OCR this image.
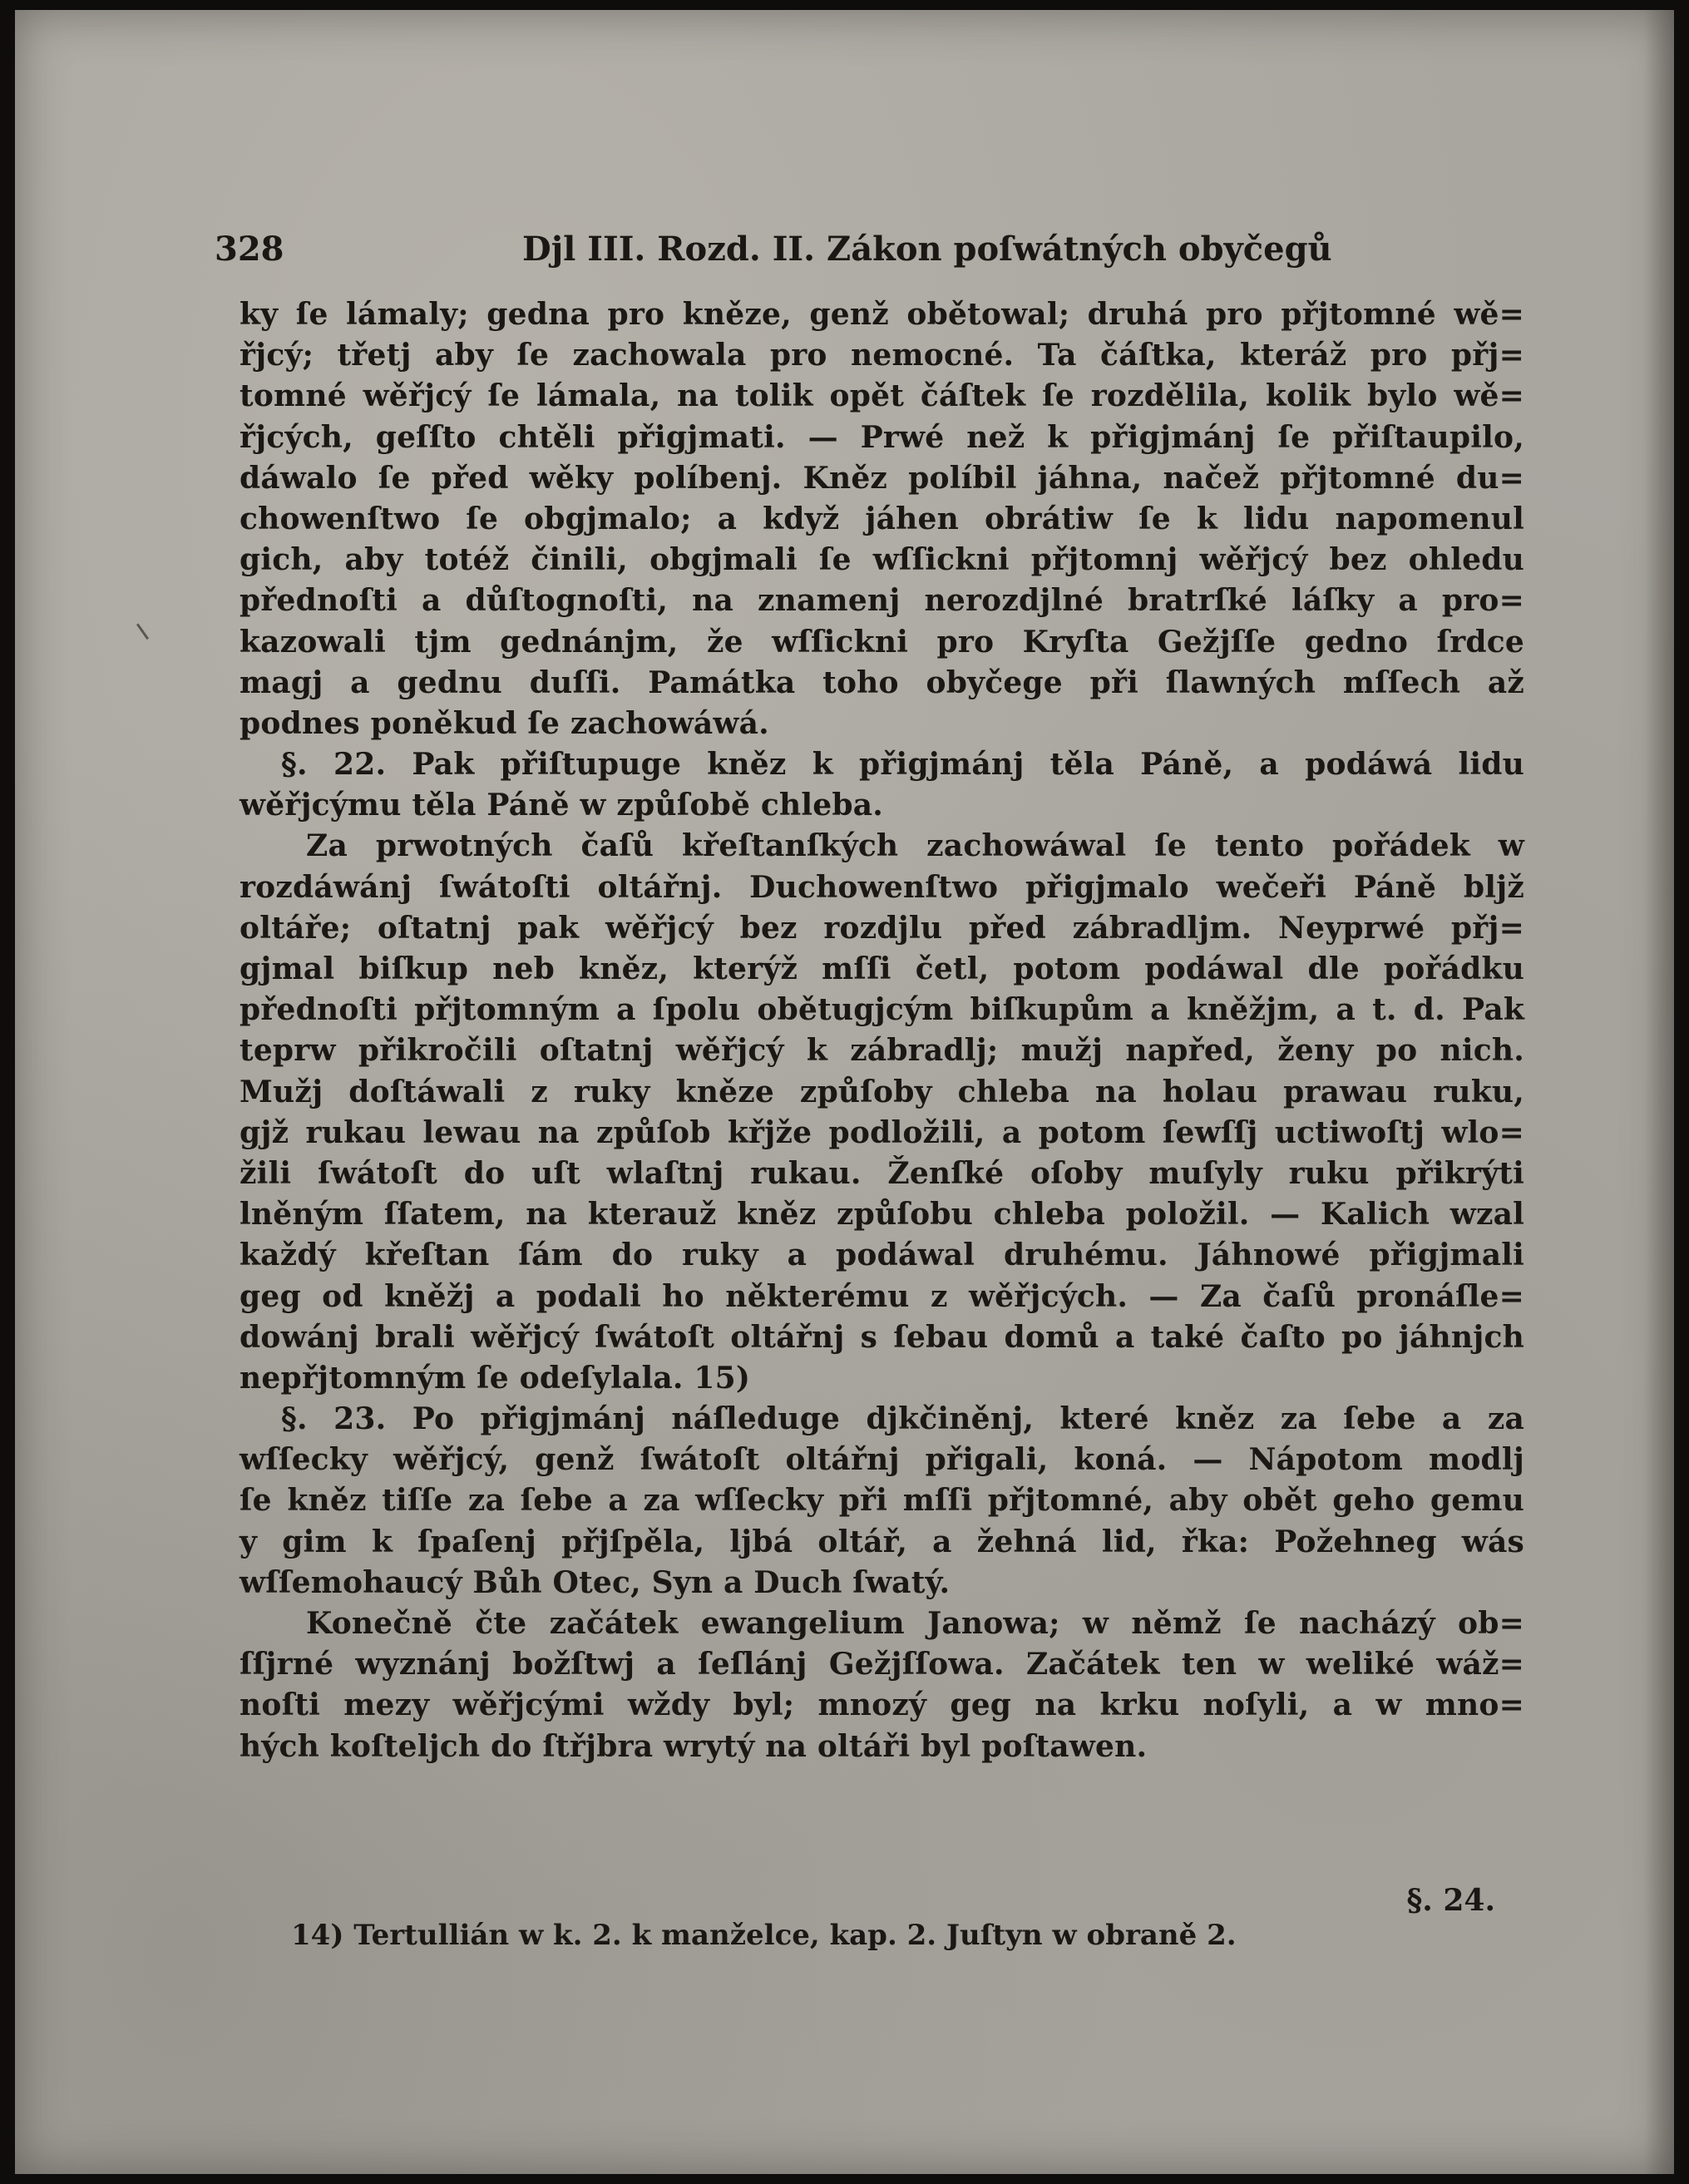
328	Djl III. Rozd. II. Zákon poſwátných obyčegů
ky ſe lámaly; gedna pro kněze, genž obětowal; druhá pro přjtomné wě=
řjcý; třetj aby ſe zachowala pro nemocné. Ta čáſtka, kteráž pro přj=
tomné wěřjcý ſe lámala, na tolik opět čáſtek ſe rozdělila, kolik bylo wě=
řjcých, geſſto chtěli přigjmati. — Prwé než k přigjmánj ſe přiſtaupilo,
dáwalo ſe před wěky políbenj. Kněz políbil jáhna, načež přjtomné du=
chowenſtwo ſe obgjmalo; a když jáhen obrátiw ſe k lidu napomenul
gich, aby totéž činili, obgjmali ſe wſſickni přjtomnj wěřjcý bez ohledu
přednoſti a důſtognoſti, na znamenj nerozdjlné bratrſké láſky a pro=
kazowali tjm gednánjm, že wſſickni pro Kryſta Gežjſſe gedno ſrdce
magj a gednu duſſi. Památka toho obyčege při ſlawných mſſech až
podnes poněkud ſe zachowáwá.
§. 22. Pak přiſtupuge kněz k přigjmánj těla Páně, a podáwá lidu
wěřjcýmu těla Páně w způſobě chleba.
Za prwotných čaſů křeſtanſkých zachowáwal ſe tento pořádek w
rozdáwánj ſwátoſti oltářnj. Duchowenſtwo přigjmalo wečeři Páně blјž
oltáře; oſtatnj pak wěřjcý bez rozdjlu před zábradljm. Neyprwé přj=
gjmal biſkup neb kněz, kterýž mſſi četl, potom podáwal dle pořádku
přednoſti přjtomným a ſpolu obětugjcým bіſkupům a kněžjm, a t. d. Pak
teprw přikročili oſtatnj wěřjcý k zábradlj; mužj napřed, ženy po nich.
Mužj doſtáwali z ruky kněze způſoby chleba na holau prawau ruku,
gjž rukau lewau na způſob křjže podložili, a potom ſewſſj uctiwoſtj wlo=
žili ſwátoſt do uſt wlaſtnj rukau. Ženſké oſoby muſyly ruku přikrýti
lněným ſſatem, na kterauž kněz způſobu chleba položil. — Kalich wzal
každý křeſtan ſám do ruky a podáwal druhému. Jáhnowé přigjmali
geg od kněžj a podali ho některému z wěřjcých. — Za čaſů pronáſle=
dowánj brali wěřjcý ſwátoſt oltářnj s ſebau domů a také čaſto po jáhnjch
nepřjtomným ſe odeſylala. 15)
§. 23. Po přigjmánj náſleduge djkčiněnj, které kněz za ſebe a za
wſſecky wěřjcý, genž ſwátoſt oltářnj přigali, koná. — Nápotom modlj
ſe kněz tiſſe za ſebe a za wſſecky při mſſi přjtomné, aby obět geho gemu
y gim k ſpaſenj přjſpěla, ljbá oltář, a žehná lid, řka: Požehneg wás
wſſemohaucý Bůh Otec, Syn a Duch ſwatý.
Konečně čte začátek ewangelium Janowa; w němž ſe nacházý ob=
ſſjrné wyznánj božſtwj a ſeſlánj Gežjſſowa. Začátek ten w weliké wáž=
noſti mezy wěřjcými wždy byl; mnozý geg na krku noſyli, a w mno=
hých koſtelјch do ſtřjbra wrytý na oltáři byl poſtawen.
§. 24.
14) Tertullián w k. 2. k manželce, kap. 2. Juſtyn w obraně 2.
